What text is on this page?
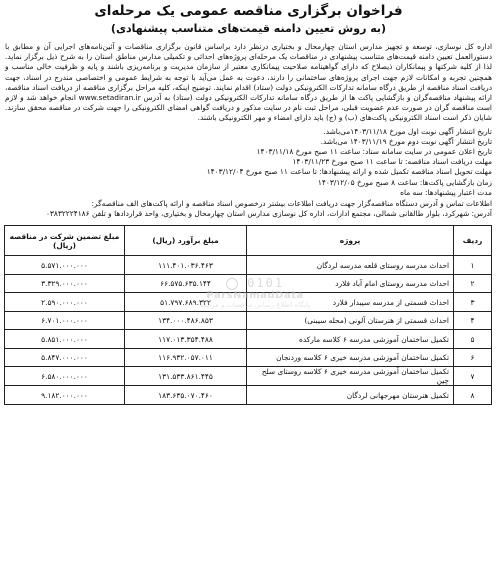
فراخوان برگزاری مناقصه عمومی یک مرحله‌ای
(به روش تعیین دامنه قیمت‌های متناسب پیشنهادی)

اداره کل نوسازی، توسعه و تجهیز مدارس استان چهارمحال و بختیاری درنظر دارد براساس قانون برگزاری مناقصات و آئین‌نامه‌های اجرایی آن و مطابق با دستورالعمل تعیین دامنه قیمت‌های متناسب پیشنهادی در مناقصات یک مرحله‌ای پروژه‌های احداثی و تکمیلی مدارس مناطق استان را به شرح ذیل برگزار نماید. لذا از کلیه شرکتها و پیمانکاران ذیصلاح که دارای گواهینامه صلاحیت پیمانکاری معتبر از سازمان مدیریت و برنامه‌ریزی باشند و پایه و ظرفیت خالی مناسب و همچنین تجربه و امکانات لازم جهت اجرای پروژه‌های ساختمانی را دارند، دعوت به عمل می‌آید با توجه به شرایط عمومی و اختصاصی مندرج در اسناد، جهت دریافت اسناد مناقصه از طریق درگاه سامانه تدارکات الکترونیکی دولت (ستاد) اقدام نمایند. توضیح اینکه، کلیه مراحل برگزاری مناقصه از دریافت اسناد مناقصه، ارائه پیشنهاد مناقصه‌گران و بازگشایی پاکت ها از طریق درگاه سامانه تدارکات الکترونیکی دولت (ستاد) به آدرس www.setadiran.ir انجام خواهد شد و لازم است مناقصه گران در صورت عدم عضویت قبلی، مراحل ثبت نام در سایت مذکور و دریافت گواهی امضای الکترونیکی را جهت شرکت در مناقصه محقق سازند. شایان ذکر است اسناد الکترونیکی پاکت‌های (ب) و (ج) باید دارای امضاء و مهر الکترونیکی باشند.

تاریخ انتشار آگهی نوبت اول مورخ ۱۴۰۳/۱۱/۱۸می‌باشد.
تاریخ انتشار آگهی نوبت دوم مورخ ۱۴۰۳/۱۱/۱۹ می‌باشد.
تاریخ اعلان عمومی در سایت سامانه ستاد: ساعت ۱۱ صبح مورخ ۱۴۰۳/۱۱/۱۸
مهلت دریافت اسناد مناقصه: تا ساعت ۱۱ صبح مورخ ۱۴۰۳/۱۱/۲۳
مهلت تحویل اسناد مناقصه تکمیل شده و ارائه پیشنهادها: تا ساعت ۱۱ صبح مورخ ۱۴۰۳/۱۲/۰۴
زمان بازگشایی پاکت‌ها: ساعت ۸ صبح مورخ ۱۴۰۳/۱۲/۰۵
مدت اعتبار پیشنهادها: سه ماه
اطلاعات تماس و آدرس دستگاه مناقصه‌گزار جهت دریافت اطلاعات بیشتر درخصوص اسناد مناقصه و ارائه پاکت‌های الف مناقصه‌گر:
آدرس: شهرکرد، بلوار طالقانی شمالی، مجتمع ادارات، اداره کل نوسازی مدارس استان چهارمحال و بختیاری، واحد قراردادها و تلفن ۰۳۸۳۲۲۲۴۱۸۶
ردیف	پروژه	مبلغ برآورد (ریال)	مبلغ تضمین شرکت در مناقصه (ریال)
۱	احداث مدرسه روستای قلعه مدرسه لردگان	۱۱۱.۴۰۱.۰۳۶.۴۶۳	۵.۵۷۱.۰۰۰.۰۰۰
۲	احداث مدرسه روستای امام آباد فلارد	۶۶.۵۷۵.۶۳۵.۱۴۴	۳.۳۲۹.۰۰۰.۰۰۰
۳	احداث قسمتی از مدرسه سیبدار فلارد	۵۱.۷۹۷.۶۸۹.۳۲۲	۲.۵۹۰.۰۰۰.۰۰۰
۴	احداث قسمتی از هنرستان آلونی (محله سیبنی)	۱۳۴.۰۰۰.۴۸۶.۸۵۳	۶.۷۰۱.۰۰۰.۰۰۰
۵	تکمیل ساختمان آموزشی مدرسه ۶ کلاسه مارکده	۱۱۷.۰۱۳.۳۵۴.۴۸۸	۵.۸۵۱.۰۰۰.۰۰۰
۶	تکمیل ساختمان آموزشی مدرسه خیری ۶ کلاسه وردنجان	۱۱۶.۹۳۲.۰۵۷.۰۱۱	۵.۸۴۷.۰۰۰.۰۰۰
۷	تکمیل ساختمان آموزشی مدرسه خیری ۶ کلاسه روستای سلح چین	۱۳۱.۵۳۳.۸۶۱.۴۴۵	۶.۵۸۰.۰۰۰.۰۰۰
۸	تکمیل هنرستان مهرجهانی لردگان	۱۸۳.۶۳۵.۰۷۰.۴۶۰	۹.۱۸۲.۰۰۰.۰۰۰
0101
ParsNamadData
پایگاه اطلاع رسانی مناقصات و مزایده
